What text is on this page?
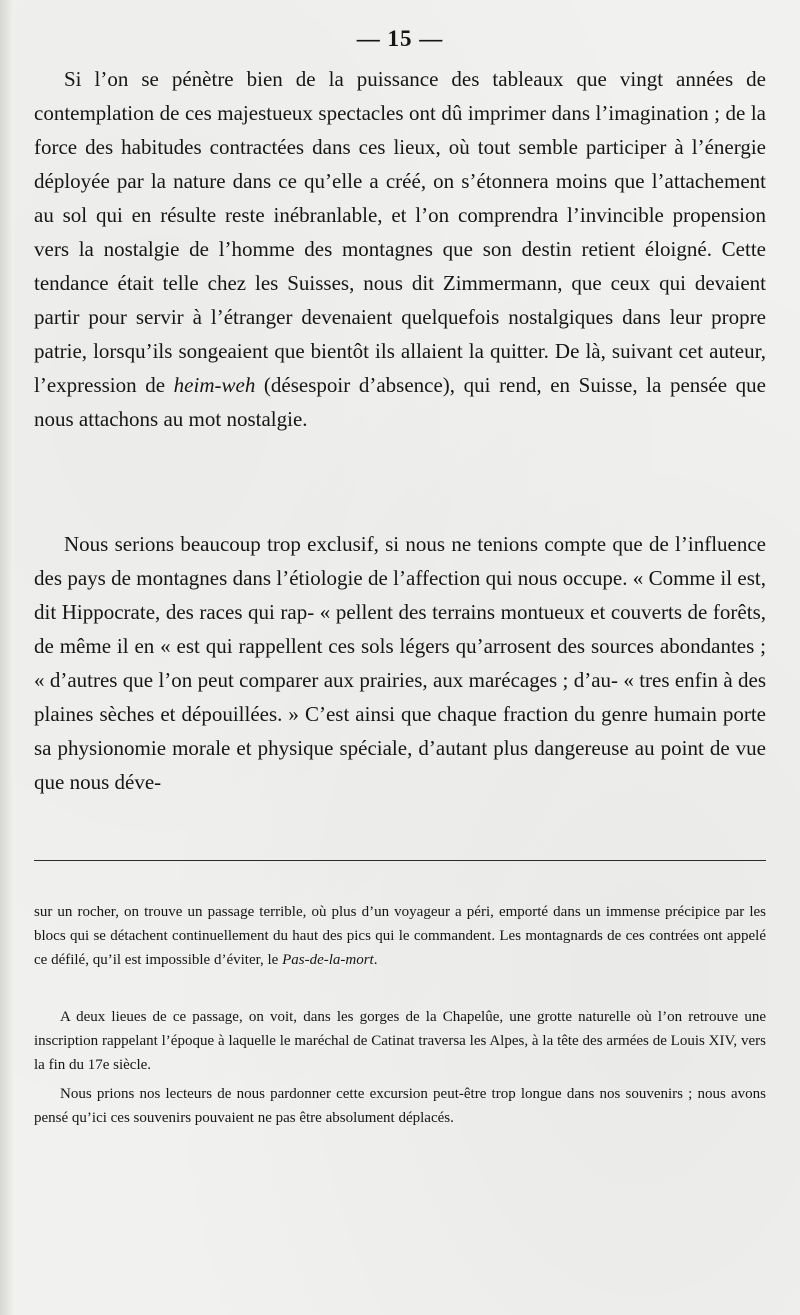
— 15 —

Si l’on se pénètre bien de la puissance des tableaux que vingt années de contemplation de ces majestueux spectacles ont dû imprimer dans l’imagination ; de la force des habitudes contractées dans ces lieux, où tout semble participer à l’énergie déployée par la nature dans ce qu’elle a créé, on s’étonnera moins que l’attachement au sol qui en résulte reste inébranlable, et l’on comprendra l’invincible propension vers la nostalgie de l’homme des montagnes que son destin retient éloigné. Cette tendance était telle chez les Suisses, nous dit Zimmermann, que ceux qui devaient partir pour servir à l’étranger devenaient quelquefois nostalgiques dans leur propre patrie, lorsqu’ils songeaient que bientôt ils allaient la quitter. De là, suivant cet auteur, l’expression de heim-weh (désespoir d’absence), qui rend, en Suisse, la pensée que nous attachons au mot nostalgie.

Nous serions beaucoup trop exclusif, si nous ne tenions compte que de l’influence des pays de montagnes dans l’étiologie de l’affection qui nous occupe. « Comme il est, dit Hippocrate, des races qui rap- « pellent des terrains montueux et couverts de forêts, de même il en « est qui rappellent ces sols légers qu’arrosent des sources abondantes ; « d’autres que l’on peut comparer aux prairies, aux marécages ; d’au- « tres enfin à des plaines sèches et dépouillées. » C’est ainsi que chaque fraction du genre humain porte sa physionomie morale et physique spéciale, d’autant plus dangereuse au point de vue que nous déve-

sur un rocher, on trouve un passage terrible, où plus d’un voyageur a péri, emporté dans un immense précipice par les blocs qui se détachent continuellement du haut des pics qui le commandent. Les montagnards de ces contrées ont appelé ce défilé, qu’il est impossible d’éviter, le Pas-de-la-mort.

A deux lieues de ce passage, on voit, dans les gorges de la Chapelûe, une grotte naturelle où l’on retrouve une inscription rappelant l’époque à laquelle le maréchal de Catinat traversa les Alpes, à la tête des armées de Louis XIV, vers la fin du 17e siècle.

Nous prions nos lecteurs de nous pardonner cette excursion peut-être trop longue dans nos souvenirs ; nous avons pensé qu’ici ces souvenirs pouvaient ne pas être absolument déplacés.
